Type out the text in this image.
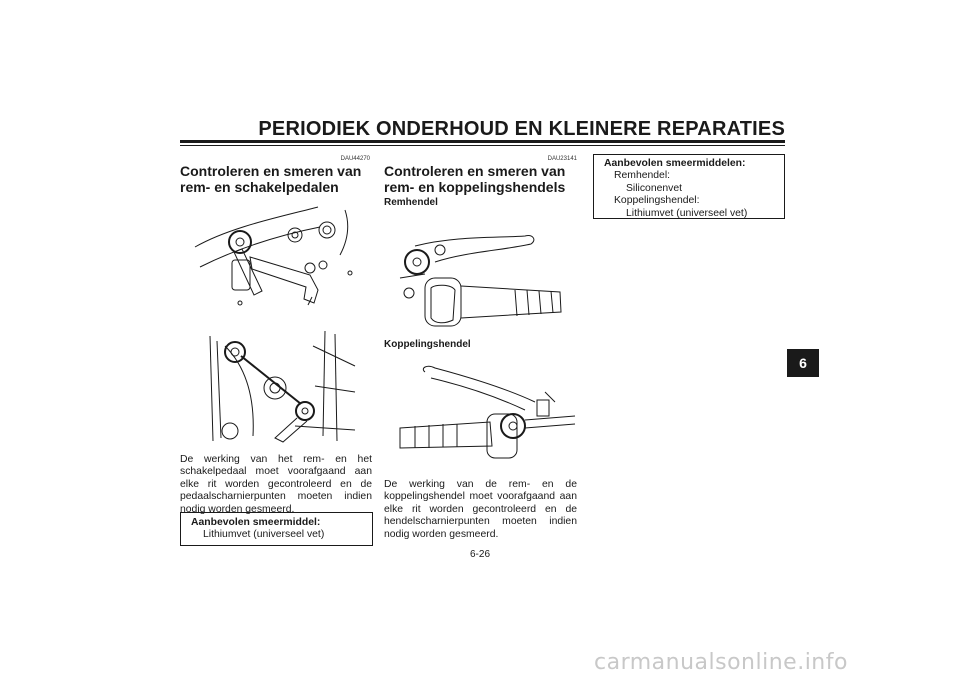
PERIODIEK ONDERHOUD EN KLEINERE REPARATIES
DAU44270
Controleren en smeren van rem- en schakelpedalen

De werking van het rem- en het schakelpedaal moet voorafgaand aan elke rit worden gecontroleerd en de pedaalscharnierpunten moeten indien nodig worden gesmeerd.

Aanbevolen smeermiddel:
Lithiumvet (universeel vet)
DAU23141
Controleren en smeren van rem- en koppelingshendels
Remhendel
Koppelingshendel

De werking van de rem- en de koppelingshendel moet voorafgaand aan elke rit worden gecontroleerd en de hendelscharnierpunten moeten indien nodig worden gesmeerd.

Aanbevolen smeermiddelen:
Remhendel:
Siliconenvet
Koppelingshendel:
Lithiumvet (universeel vet)
6
6-26
carmanualsonline.info
